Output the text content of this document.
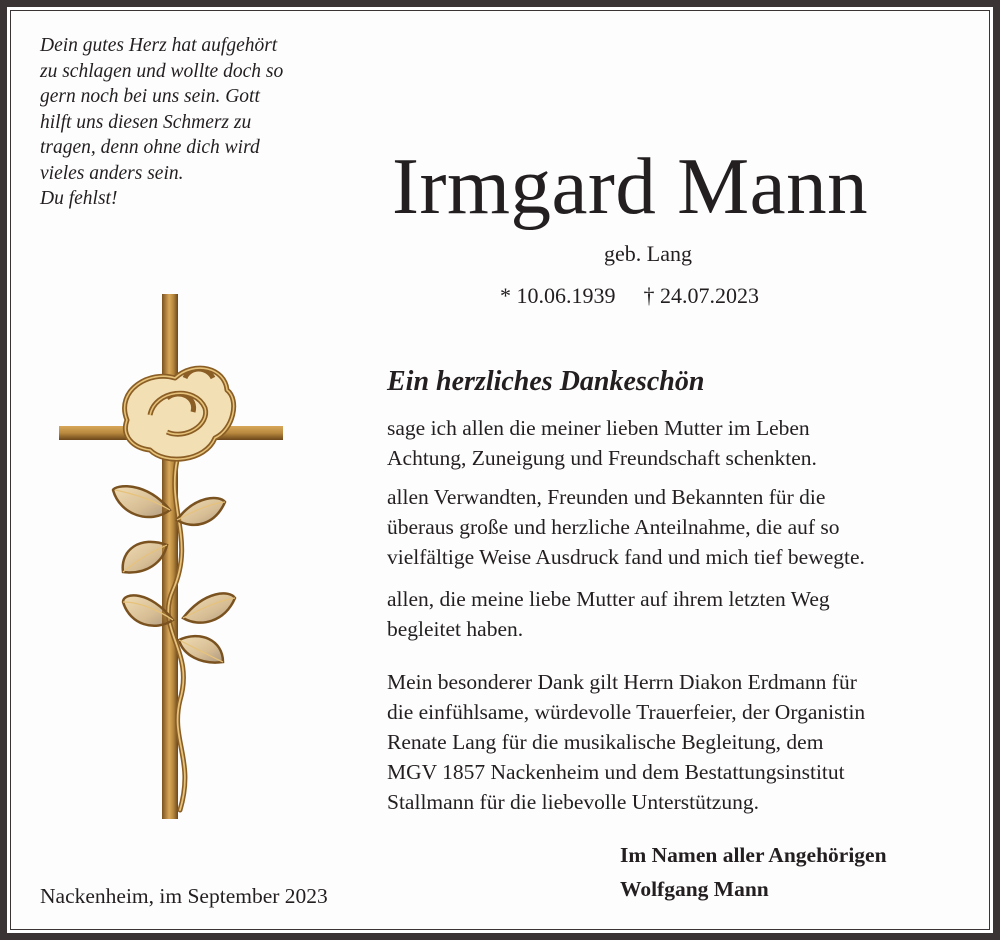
Dein gutes Herz hat aufgehört
zu schlagen und wollte doch so
gern noch bei uns sein. Gott
hilft uns diesen Schmerz zu
tragen, denn ohne dich wird
vieles anders sein.
Du fehlst!	Irmgard Mann
geb. Lang
* 10.06.1939 † 24.07.2023
Ein herzliches Dankeschön
sage ich allen die meiner lieben Mutter im Leben
Achtung, Zuneigung und Freundschaft schenkten.
allen Verwandten, Freunden und Bekannten für die
überaus große und herzliche Anteilnahme, die auf so
vielfältige Weise Ausdruck fand und mich tief bewegte.
allen, die meine liebe Mutter auf ihrem letzten Weg
begleitet haben.
Mein besonderer Dank gilt Herrn Diakon Erdmann für
die einfühlsame, würdevolle Trauerfeier, der Organistin
Renate Lang für die musikalische Begleitung, dem
MGV 1857 Nackenheim und dem Bestattungsinstitut
Stallmann für die liebevolle Unterstützung.
Im Namen aller Angehörigen
Wolfgang Mann
Nackenheim, im September 2023
